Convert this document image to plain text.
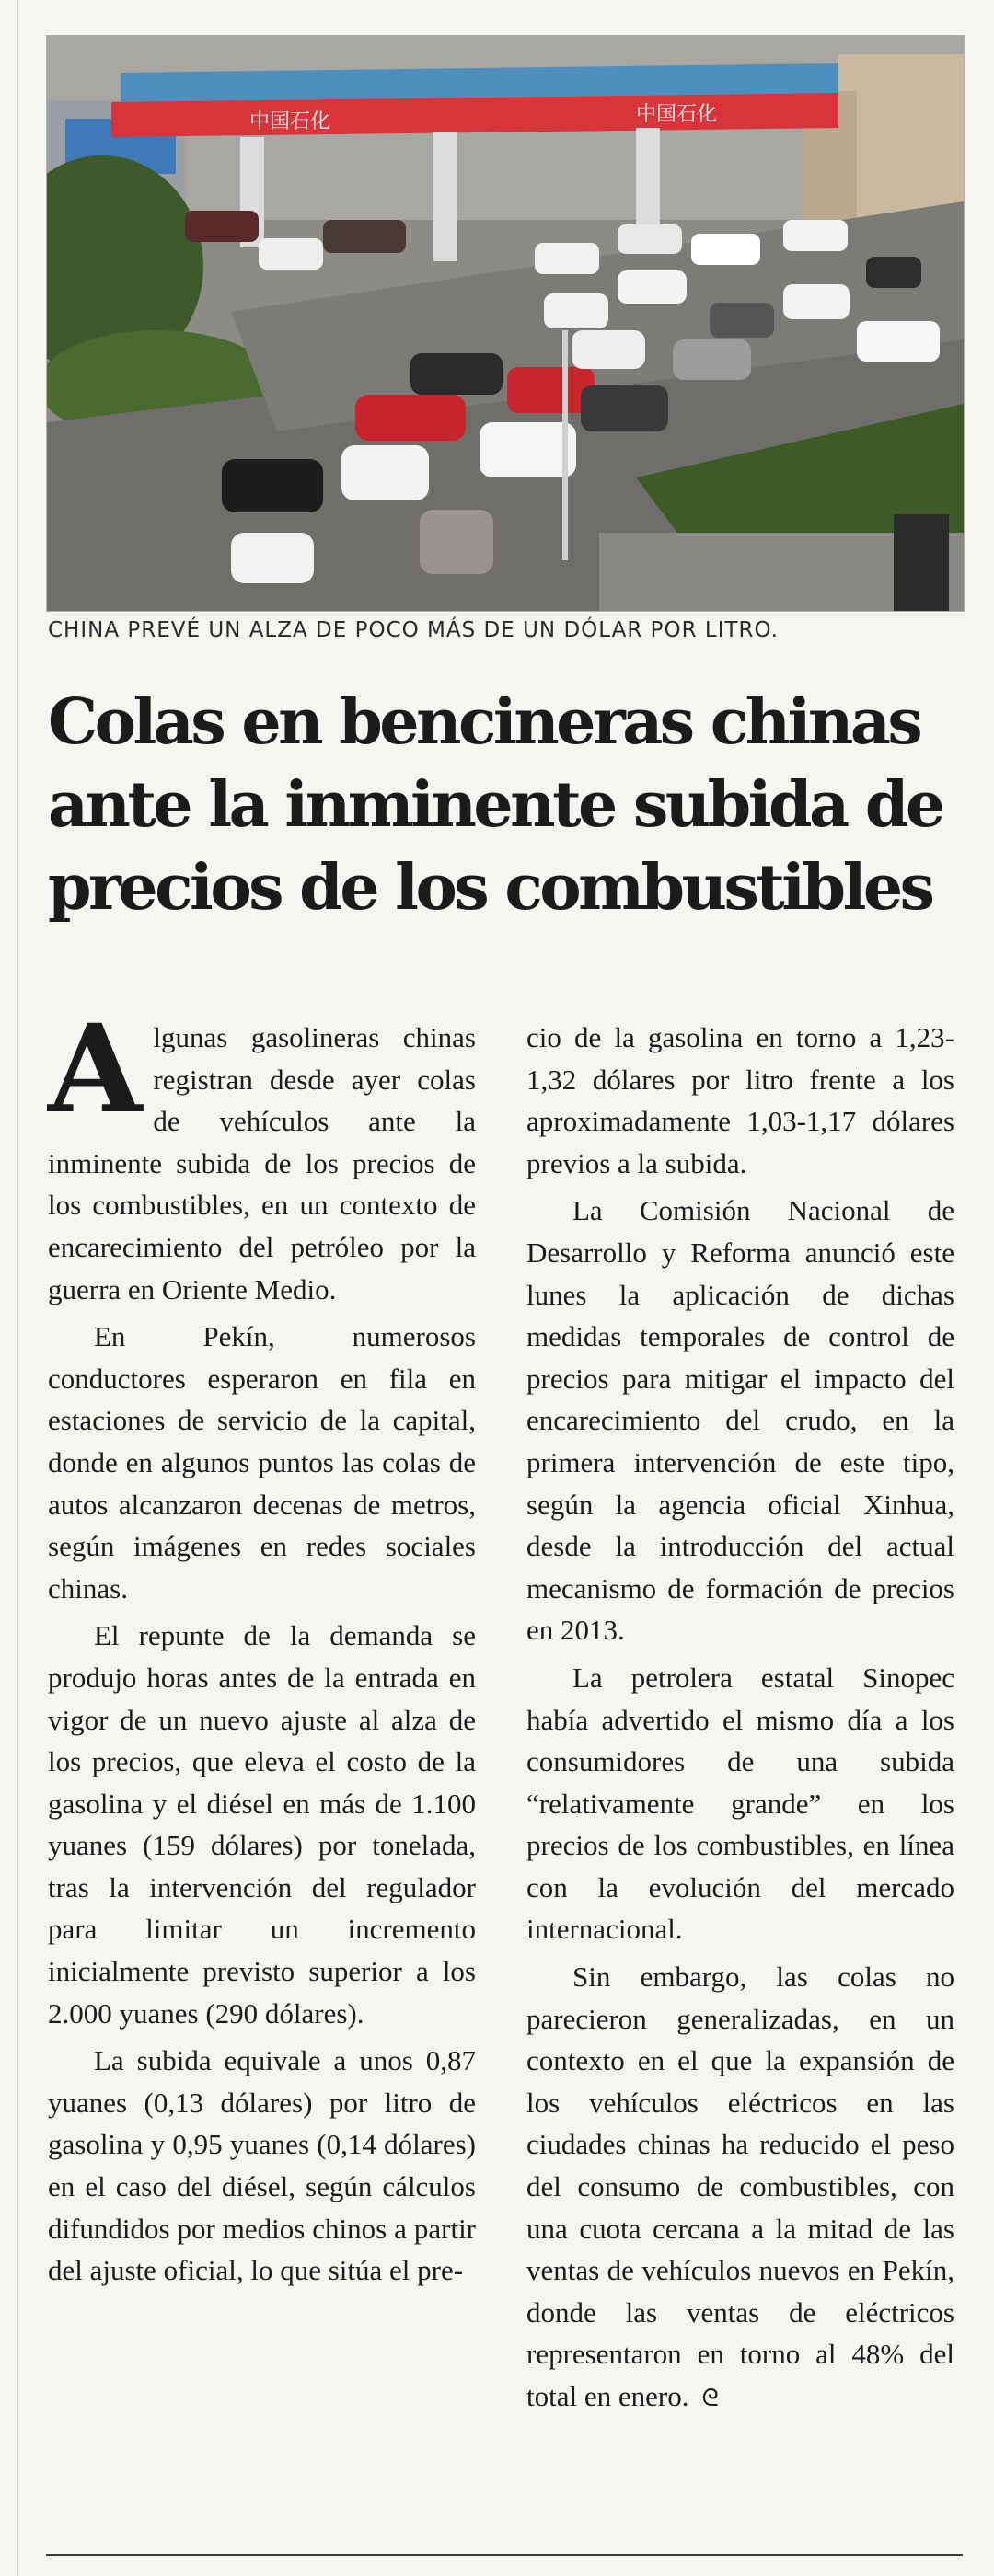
中国石化
中国石化
CHINA PREVÉ UN ALZA DE POCO MÁS DE UN DÓLAR POR LITRO.
Colas en bencineras chinas ante la inminente subida de precios de los combustibles

Algunas gasolineras chinas registran desde ayer colas de vehículos ante la inminente subida de los precios de los combustibles, en un contexto de encarecimiento del petróleo por la guerra en Oriente Medio.

En Pekín, numerosos conductores esperaron en fila en estaciones de servicio de la capital, donde en algunos puntos las colas de autos alcanzaron decenas de metros, según imágenes en redes sociales chinas.

El repunte de la demanda se produjo horas antes de la entrada en vigor de un nuevo ajuste al alza de los precios, que eleva el costo de la gasolina y el diésel en más de 1.100 yuanes (159 dólares) por tonelada, tras la intervención del regulador para limitar un incremento inicialmente previsto superior a los 2.000 yuanes (290 dólares).

La subida equivale a unos 0,87 yuanes (0,13 dólares) por litro de gasolina y 0,95 yuanes (0,14 dólares) en el caso del diésel, según cálculos difundidos por medios chinos a partir del ajuste oficial, lo que sitúa el pre-

cio de la gasolina en torno a 1,23-1,32 dólares por litro frente a los aproximadamente 1,03-1,17 dólares previos a la subida.

La Comisión Nacional de Desarrollo y Reforma anunció este lunes la aplicación de dichas medidas temporales de control de precios para mitigar el impacto del encarecimiento del crudo, en la primera intervención de este tipo, según la agencia oficial Xinhua, desde la introducción del actual mecanismo de formación de precios en 2013.

La petrolera estatal Sinopec había advertido el mismo día a los consumidores de una subida “relativamente grande” en los precios de los combustibles, en línea con la evolución del mercado internacional.

Sin embargo, las colas no parecieron generalizadas, en un contexto en el que la expansión de los vehículos eléctricos en las ciudades chinas ha reducido el peso del consumo de combustibles, con una cuota cercana a la mitad de las ventas de vehículos nuevos en Pekín, donde las ventas de eléctricos representaron en torno al 48% del total en enero. ᘓ
